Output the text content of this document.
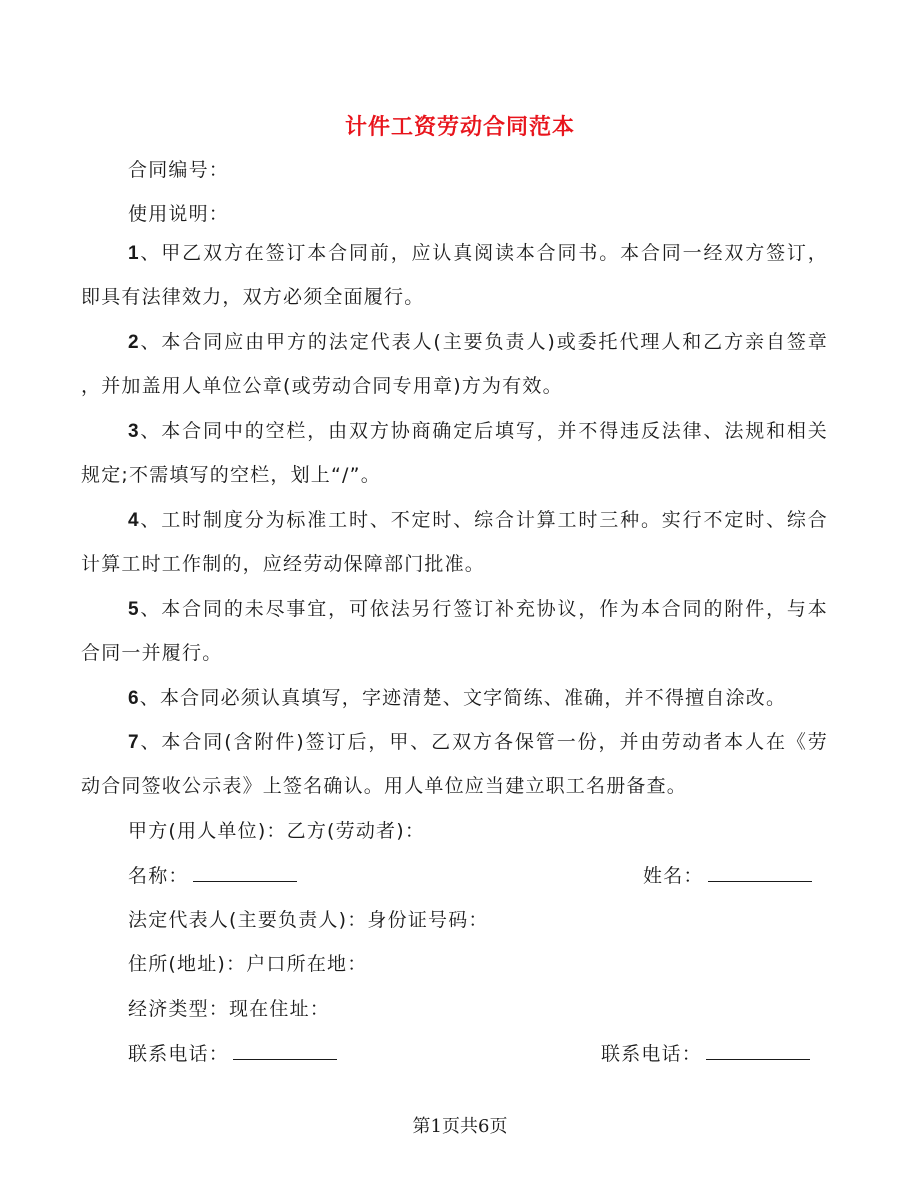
计件工资劳动合同范本
合同编号：
使用说明：
1、甲乙双方在签订本合同前，应认真阅读本合同书。本合同一经双方签订，
即具有法律效力，双方必须全面履行。
2、本合同应由甲方的法定代表人(主要负责人)或委托代理人和乙方亲自签章
，并加盖用人单位公章(或劳动合同专用章)方为有效。
3、本合同中的空栏，由双方协商确定后填写，并不得违反法律、法规和相关
规定;不需填写的空栏，划上“/”。
4、工时制度分为标准工时、不定时、综合计算工时三种。实行不定时、综合
计算工时工作制的，应经劳动保障部门批准。
5、本合同的未尽事宜，可依法另行签订补充协议，作为本合同的附件，与本
合同一并履行。
6、本合同必须认真填写，字迹清楚、文字简练、准确，并不得擅自涂改。
7、本合同(含附件)签订后，甲、乙双方各保管一份，并由劳动者本人在《劳
动合同签收公示表》上签名确认。用人单位应当建立职工名册备查。
甲方(用人单位)：乙方(劳动者)：
名称：	姓名：
法定代表人(主要负责人)：身份证号码：
住所(地址)：户口所在地：
经济类型：现在住址：
联系电话：	联系电话：
第1页共6页
